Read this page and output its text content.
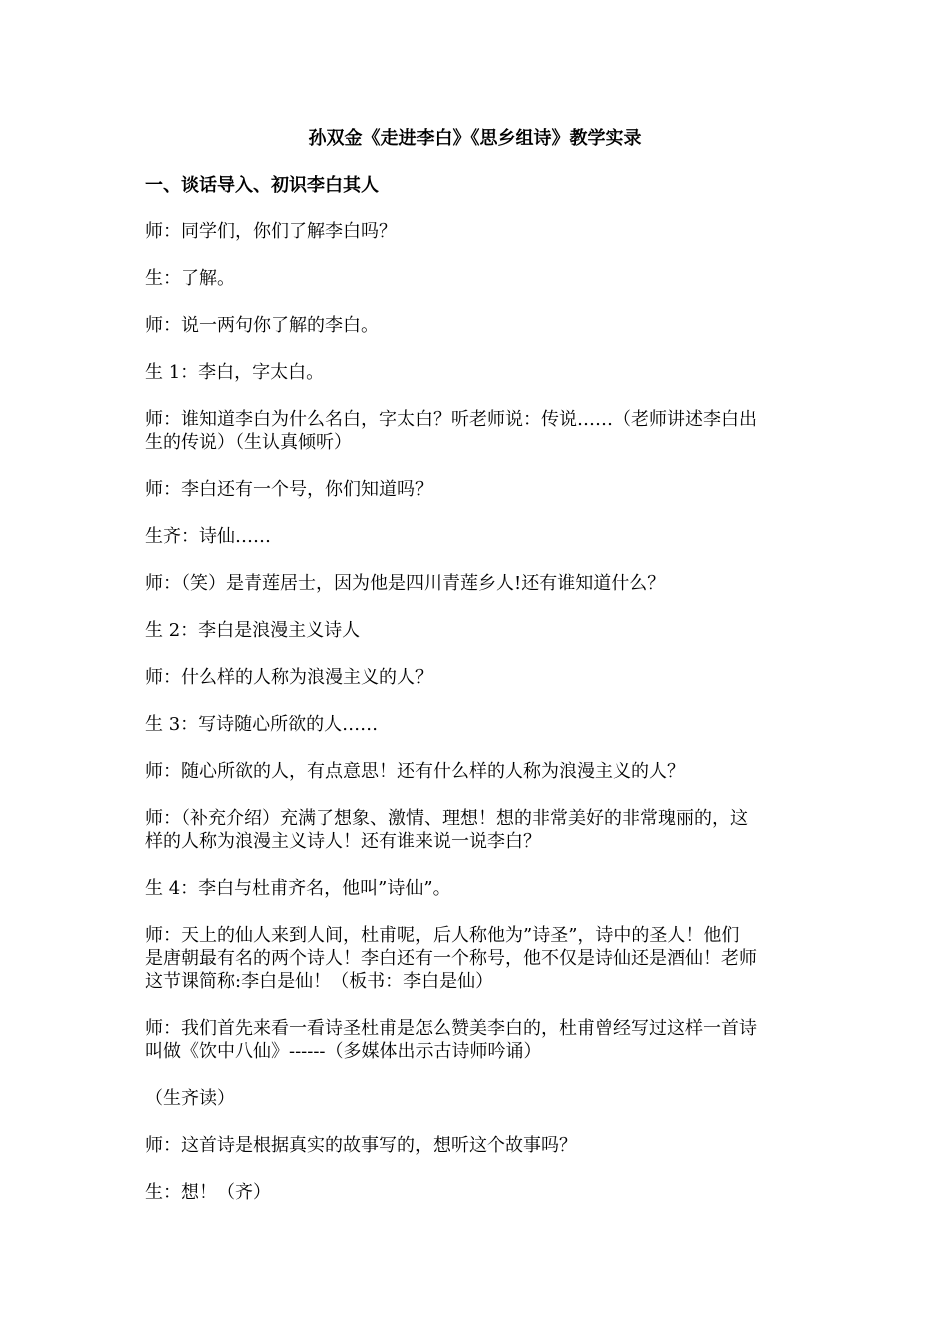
孙双金《走进李白》《思乡组诗》教学实录
一、谈话导入、初识李白其人
师：同学们，你们了解李白吗？
生：了解。
师：说一两句你了解的李白。
生 1：李白，字太白。
师：谁知道李白为什么名白，字太白？听老师说：传说……（老师讲述李白出
生的传说）（生认真倾听）
师：李白还有一个号，你们知道吗？
生齐：诗仙……
师：（笑）是青莲居士，因为他是四川青莲乡人!还有谁知道什么？
生 2：李白是浪漫主义诗人
师：什么样的人称为浪漫主义的人？
生 3：写诗随心所欲的人……
师：随心所欲的人，有点意思！还有什么样的人称为浪漫主义的人？
师：（补充介绍）充满了想象、激情、理想！想的非常美好的非常瑰丽的，这
样的人称为浪漫主义诗人！还有谁来说一说李白？
生 4：李白与杜甫齐名，他叫”诗仙”。
师：天上的仙人来到人间，杜甫呢，后人称他为”诗圣”，诗中的圣人！他们
是唐朝最有名的两个诗人！李白还有一个称号，他不仅是诗仙还是酒仙！老师
这节课简称:李白是仙！（板书：李白是仙）
师：我们首先来看一看诗圣杜甫是怎么赞美李白的，杜甫曾经写过这样一首诗
叫做《饮中八仙》------（多媒体出示古诗师吟诵）
（生齐读）
师：这首诗是根据真实的故事写的，想听这个故事吗？
生：想！（齐）
